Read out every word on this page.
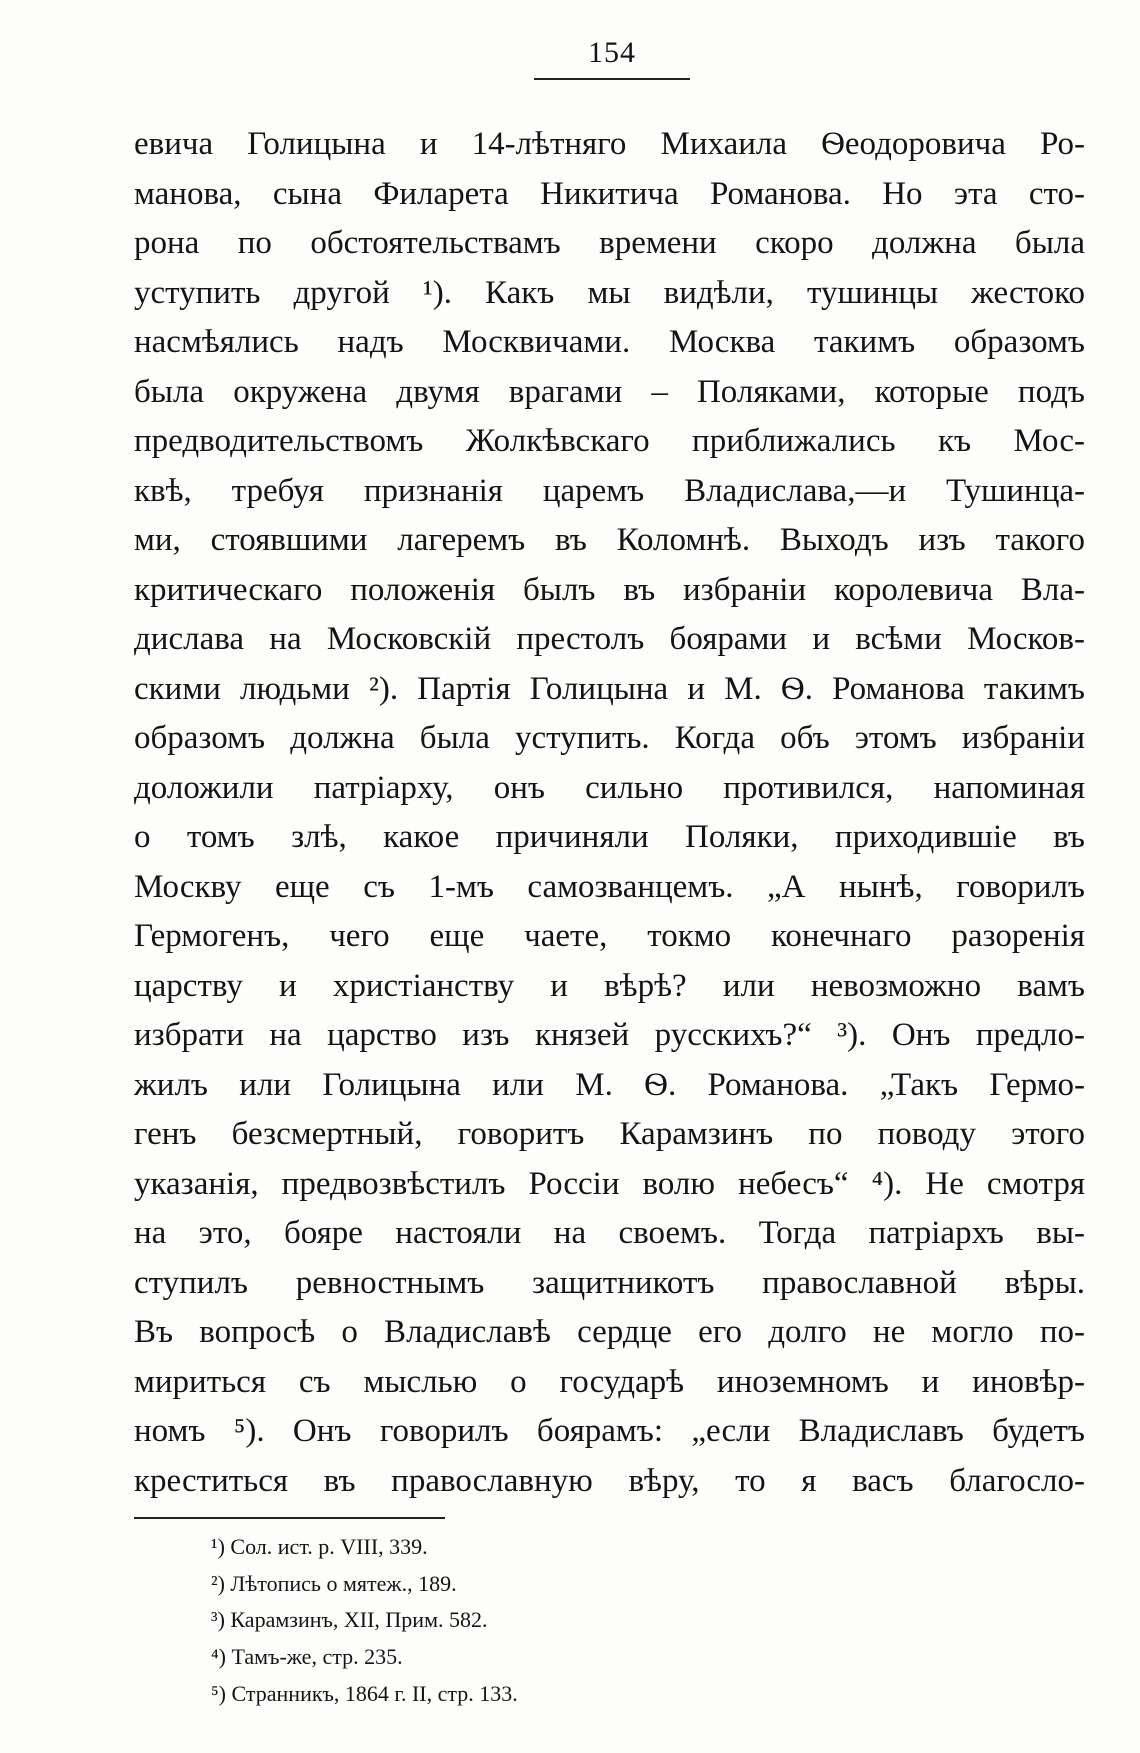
154
евича Голицына и 14-лѣтняго Михаила Ѳеодоровича Ро-
манова, сына Филарета Никитича Романова. Но эта сто-
рона по обстоятельствамъ времени скоро должна была
уступить другой ¹). Какъ мы видѣли, тушинцы жестоко
насмѣялись надъ Москвичами. Москва такимъ образомъ
была окружена двумя врагами – Поляками, которые подъ
предводительствомъ Жолкѣвскаго приближались къ Мос-
квѣ, требуя признанія царемъ Владислава,—и Тушинца-
ми, стоявшими лагеремъ въ Коломнѣ. Выходъ изъ такого
критическаго положенія былъ въ избраніи королевича Вла-
дислава на Московскій престолъ боярами и всѣми Москов-
скими людьми ²). Партія Голицына и М. Ѳ. Романова такимъ
образомъ должна была уступить. Когда объ этомъ избраніи
доложили патріарху, онъ сильно противился, напоминая
о томъ злѣ, какое причиняли Поляки, приходившіе въ
Москву еще съ 1-мъ самозванцемъ. „А нынѣ, говорилъ
Гермогенъ, чего еще чаете, токмо конечнаго разоренія
царству и христіанству и вѣрѣ? или невозможно вамъ
избрати на царство изъ князей русскихъ?“ ³). Онъ предло-
жилъ или Голицына или М. Ѳ. Романова. „Такъ Гермо-
генъ безсмертный, говоритъ Карамзинъ по поводу этого
указанія, предвозвѣстилъ Россіи волю небесъ“ ⁴). Не смотря
на это, бояре настояли на своемъ. Тогда патріархъ вы-
ступилъ ревностнымъ защитникотъ православной вѣры.
Въ вопросѣ о Владиславѣ сердце его долго не могло по-
мириться съ мыслью о государѣ иноземномъ и иновѣр-
номъ ⁵). Онъ говорилъ боярамъ: „если Владиславъ будетъ
креститься въ православную вѣру, то я васъ благосло-
¹) Сол. ист. р. VIII, 339.
²) Лѣтопись о мятеж., 189.
³) Карамзинъ, XII, Прим. 582.
⁴) Тамъ-же, стр. 235.
⁵) Странникъ, 1864 г. II, стр. 133.
